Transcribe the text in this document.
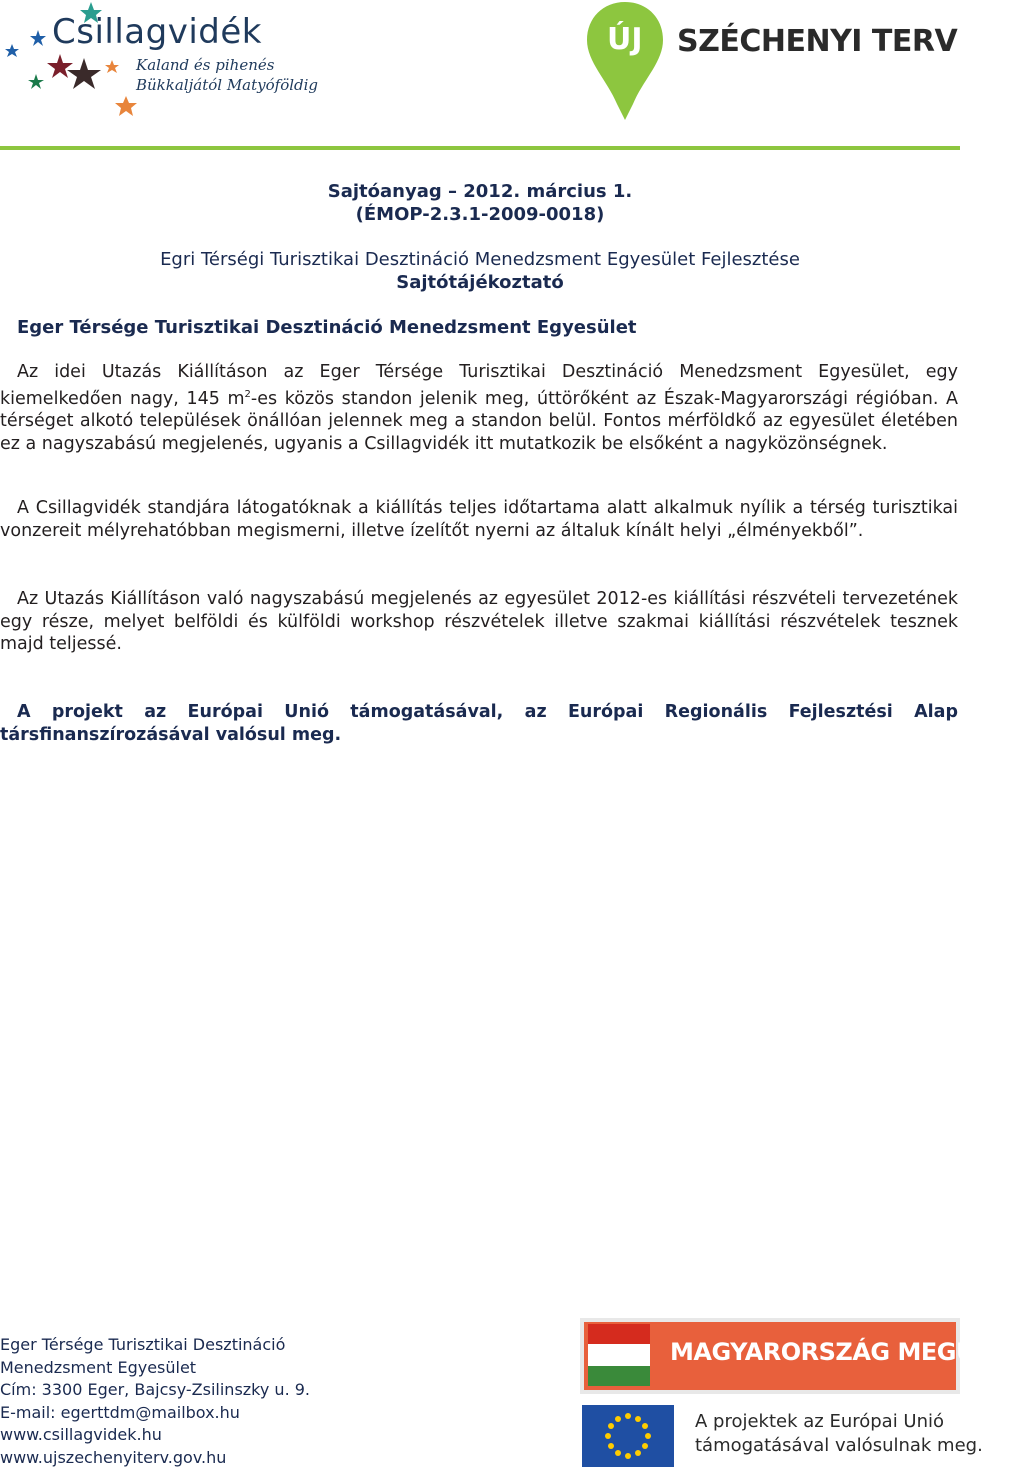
Csillagvidék
Kaland és pihenés
Bükkaljától Matyóföldig
ÚJ SZÉCHENYI TERV
Sajtóanyag – 2012. március 1.
(ÉMOP-2.3.1-2009-0018)
Egri Térségi Turisztikai Desztináció Menedzsment Egyesület Fejlesztése
Sajtótájékoztató
Eger Térsége Turisztikai Desztináció Menedzsment Egyesület
Az idei Utazás Kiállításon az Eger Térsége Turisztikai Desztináció Menedzsment Egyesület, egy kiemelkedően nagy, 145 $m^2-es$ közös standon jelenik meg, úttörőként az Észak-Magyarországi régióban. A térséget alkotó települések önállóan jelennek meg a standon belül. Fontos mérföldkő az egyesület életében ez a nagyszabású megjelenés, ugyanis a Csillagvidék itt mutatkozik be elsőként a nagyközönségnek.
A Csillagvidék standjára látogatóknak a kiállítás teljes időtartama alatt alkalmuk nyílik a térség turisztikai vonzereit mélyrehatóbban megismerni, illetve ízelítőt nyerni az általuk kínált helyi „élményekből”.
Az Utazás Kiállításon való nagyszabású megjelenés az egyesület 2012-es kiállítási részvételi tervezetének egy része, melyet belföldi és külföldi workshop részvételek illetve szakmai kiállítási részvételek tesznek majd teljessé.
A projekt az Európai Unió támogatásával, az Európai Regionális Fejlesztési Alap társfinanszírozásával valósul meg.
Eger Térsége Turisztikai Desztináció
Menedzsment Egyesület
Cím: 3300 Eger, Bajcsy-Zsilinszky u. 9.
E-mail: egerttdm@mailbox.hu
www.csillagvidek.hu
www.ujszechenyiterv.gov.hu
MAGYARORSZÁG MEGÚJUL
A projektek az Európai Unió
támogatásával valósulnak meg.
